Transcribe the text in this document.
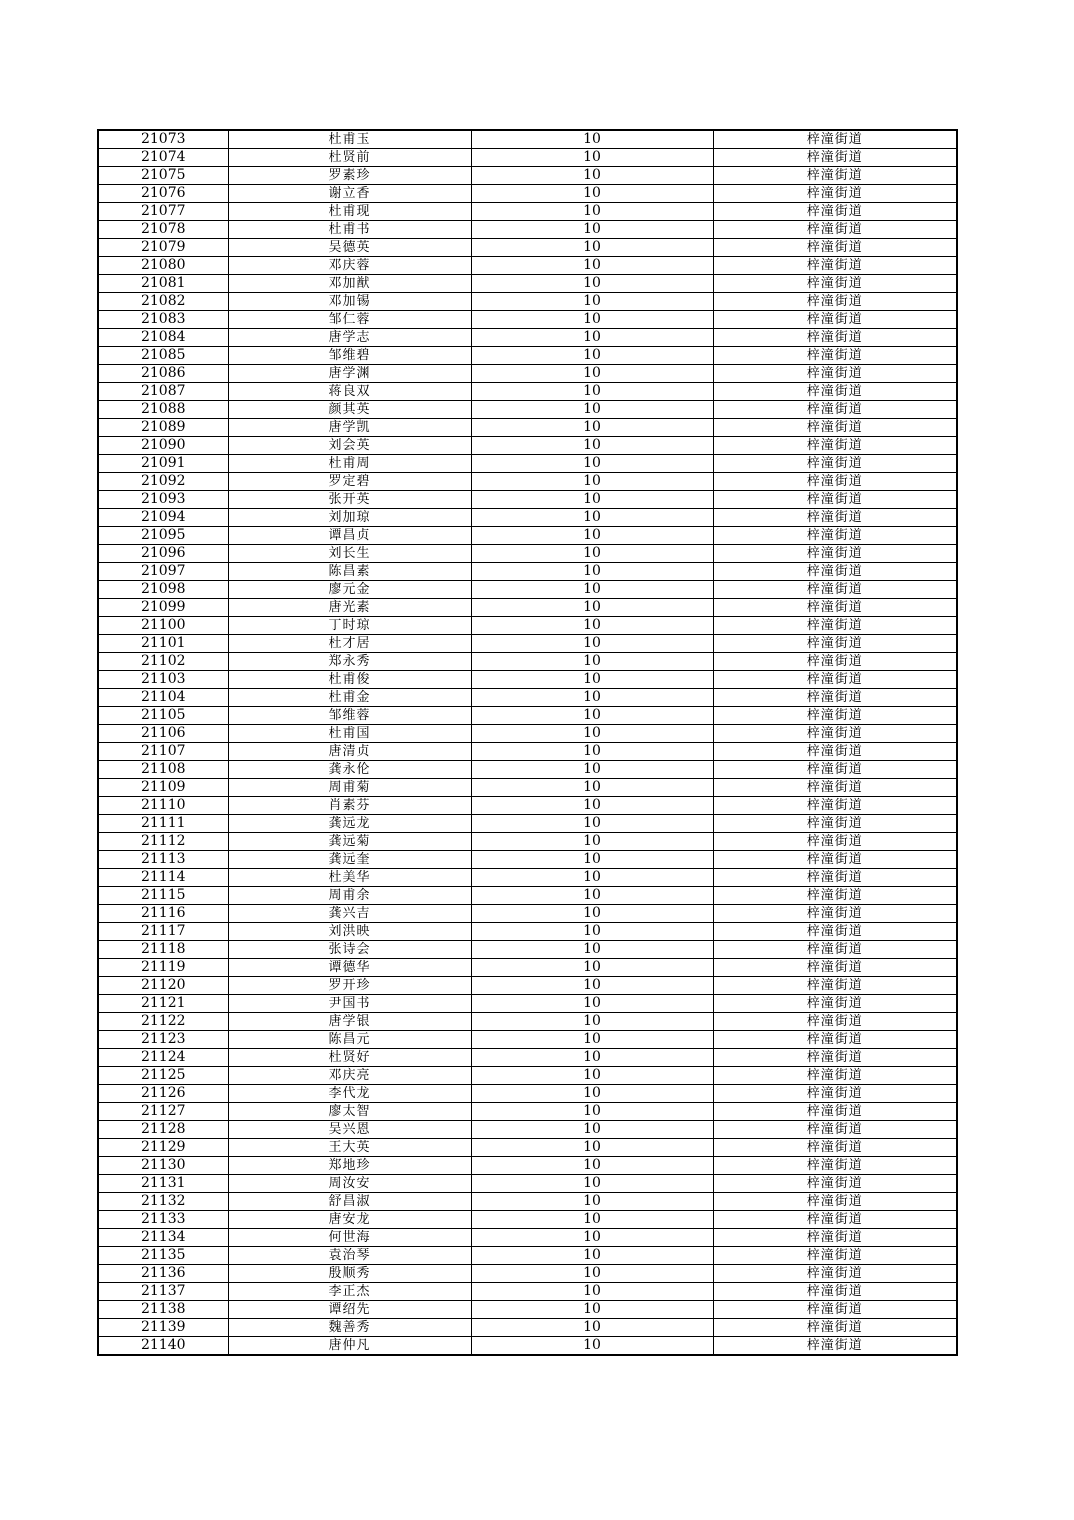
21073	杜甫玉	10	梓潼街道
21074	杜贤前	10	梓潼街道
21075	罗素珍	10	梓潼街道
21076	谢立香	10	梓潼街道
21077	杜甫现	10	梓潼街道
21078	杜甫书	10	梓潼街道
21079	吴德英	10	梓潼街道
21080	邓庆蓉	10	梓潼街道
21081	邓加猷	10	梓潼街道
21082	邓加锡	10	梓潼街道
21083	邹仁蓉	10	梓潼街道
21084	唐学志	10	梓潼街道
21085	邹维碧	10	梓潼街道
21086	唐学渊	10	梓潼街道
21087	蒋良双	10	梓潼街道
21088	颜其英	10	梓潼街道
21089	唐学凯	10	梓潼街道
21090	刘会英	10	梓潼街道
21091	杜甫周	10	梓潼街道
21092	罗定碧	10	梓潼街道
21093	张开英	10	梓潼街道
21094	刘加琼	10	梓潼街道
21095	谭昌贞	10	梓潼街道
21096	刘长生	10	梓潼街道
21097	陈昌素	10	梓潼街道
21098	廖元金	10	梓潼街道
21099	唐光素	10	梓潼街道
21100	丁时琼	10	梓潼街道
21101	杜才居	10	梓潼街道
21102	郑永秀	10	梓潼街道
21103	杜甫俊	10	梓潼街道
21104	杜甫金	10	梓潼街道
21105	邹维蓉	10	梓潼街道
21106	杜甫国	10	梓潼街道
21107	唐清贞	10	梓潼街道
21108	龚永伦	10	梓潼街道
21109	周甫菊	10	梓潼街道
21110	肖素芬	10	梓潼街道
21111	龚远龙	10	梓潼街道
21112	龚远菊	10	梓潼街道
21113	龚远奎	10	梓潼街道
21114	杜美华	10	梓潼街道
21115	周甫余	10	梓潼街道
21116	龚兴吉	10	梓潼街道
21117	刘洪映	10	梓潼街道
21118	张诗会	10	梓潼街道
21119	谭德华	10	梓潼街道
21120	罗开珍	10	梓潼街道
21121	尹国书	10	梓潼街道
21122	唐学银	10	梓潼街道
21123	陈昌元	10	梓潼街道
21124	杜贤好	10	梓潼街道
21125	邓庆亮	10	梓潼街道
21126	李代龙	10	梓潼街道
21127	廖太智	10	梓潼街道
21128	吴兴恩	10	梓潼街道
21129	王大英	10	梓潼街道
21130	郑地珍	10	梓潼街道
21131	周汝安	10	梓潼街道
21132	舒昌淑	10	梓潼街道
21133	唐安龙	10	梓潼街道
21134	何世海	10	梓潼街道
21135	袁治琴	10	梓潼街道
21136	殷顺秀	10	梓潼街道
21137	李正杰	10	梓潼街道
21138	谭绍先	10	梓潼街道
21139	魏善秀	10	梓潼街道
21140	唐仲凡	10	梓潼街道
